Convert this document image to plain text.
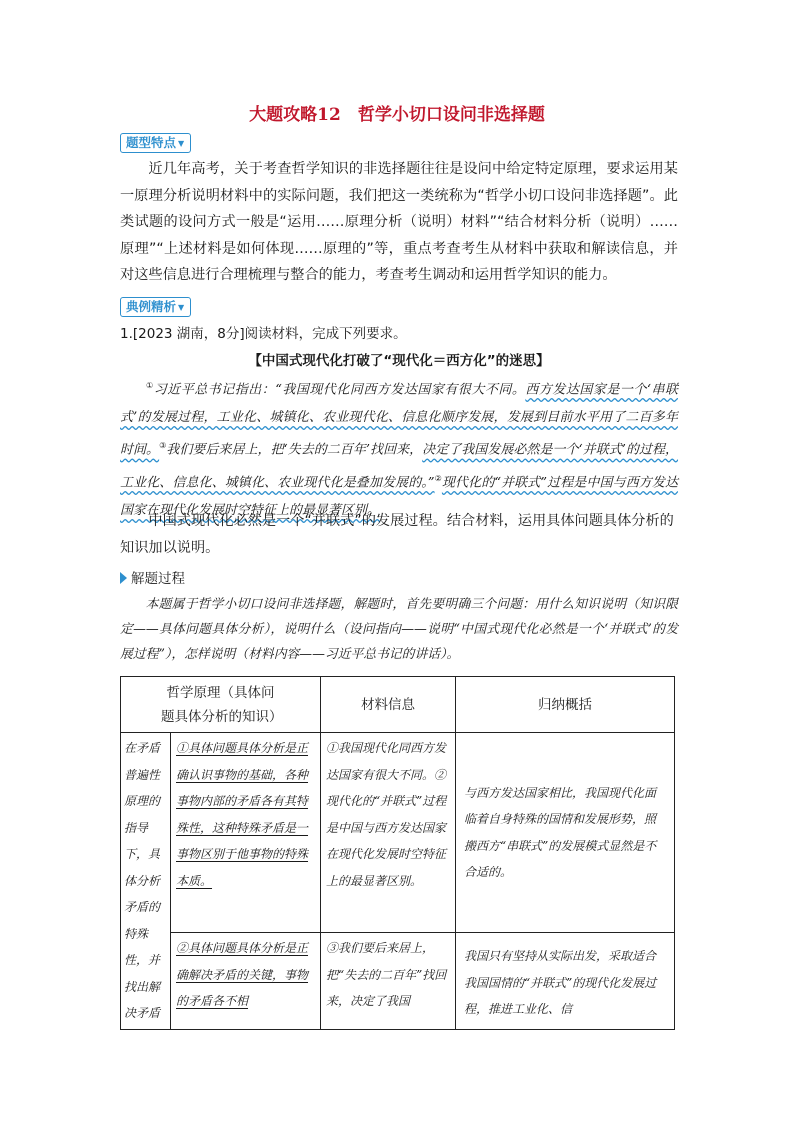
大题攻略12　哲学小切口设问非选择题
题型特点 ▼
近几年高考，关于考查哲学知识的非选择题往往是设问中给定特定原理，要求运用某一原理分析说明材料中的实际问题，我们把这一类统称为“哲学小切口设问非选择题”。此类试题的设问方式一般是“运用……原理分析（说明）材料”“结合材料分析（说明）……原理”“上述材料是如何体现……原理的”等，重点考查考生从材料中获取和解读信息，并对这些信息进行合理梳理与整合的能力，考查考生调动和运用哲学知识的能力。
典例精析 ▼
1.[2023 湖南，8分]阅读材料，完成下列要求。
【中国式现代化打破了“现代化＝西方化”的迷思】
①习近平总书记指出：“我国现代化同西方发达国家有很大不同。西方发达国家是一个‘串联式’的发展过程，工业化、城镇化、农业现代化、信息化顺序发展，发展到目前水平用了二百多年时间。③我们要后来居上，把‘失去的二百年’找回来，决定了我国发展必然是一个‘并联式’的过程，工业化、信息化、城镇化、农业现代化是叠加发展的。”②现代化的“并联式”过程是中国与西方发达国家在现代化发展时空特征上的最显著区别。
中国式现代化必然是一个“并联式”的发展过程。结合材料，运用具体问题具体分析的知识加以说明。
解题过程
本题属于哲学小切口设问非选择题，解题时，首先要明确三个问题：用什么知识说明（知识限定——具体问题具体分析），说明什么（设问指向——说明“中国式现代化必然是一个‘并联式’的发展过程”），怎样说明（材料内容——习近平总书记的讲话）。
哲学原理（具体问题具体分析的知识）		材料信息	归纳概括
在矛盾普遍性原理的指导下，具体分析矛盾的特殊性，并找出解决矛盾	①具体问题具体分析是正确认识事物的基础，各种事物内部的矛盾各有其特殊性，这种特殊矛盾是一事物区别于他事物的特殊本质。	①我国现代化同西方发达国家有很大不同。②现代化的“并联式”过程是中国与西方发达国家在现代化发展时空特征上的最显著区别。	与西方发达国家相比，我国现代化面临着自身特殊的国情和发展形势，照搬西方“串联式”的发展模式显然是不合适的。
	②具体问题具体分析是正确解决矛盾的关键，事物的矛盾各不相	③我们要后来居上，把“失去的二百年”找回来，决定了我国	我国只有坚持从实际出发，采取适合我国国情的“并联式”的现代化发展过程，推进工业化、信
